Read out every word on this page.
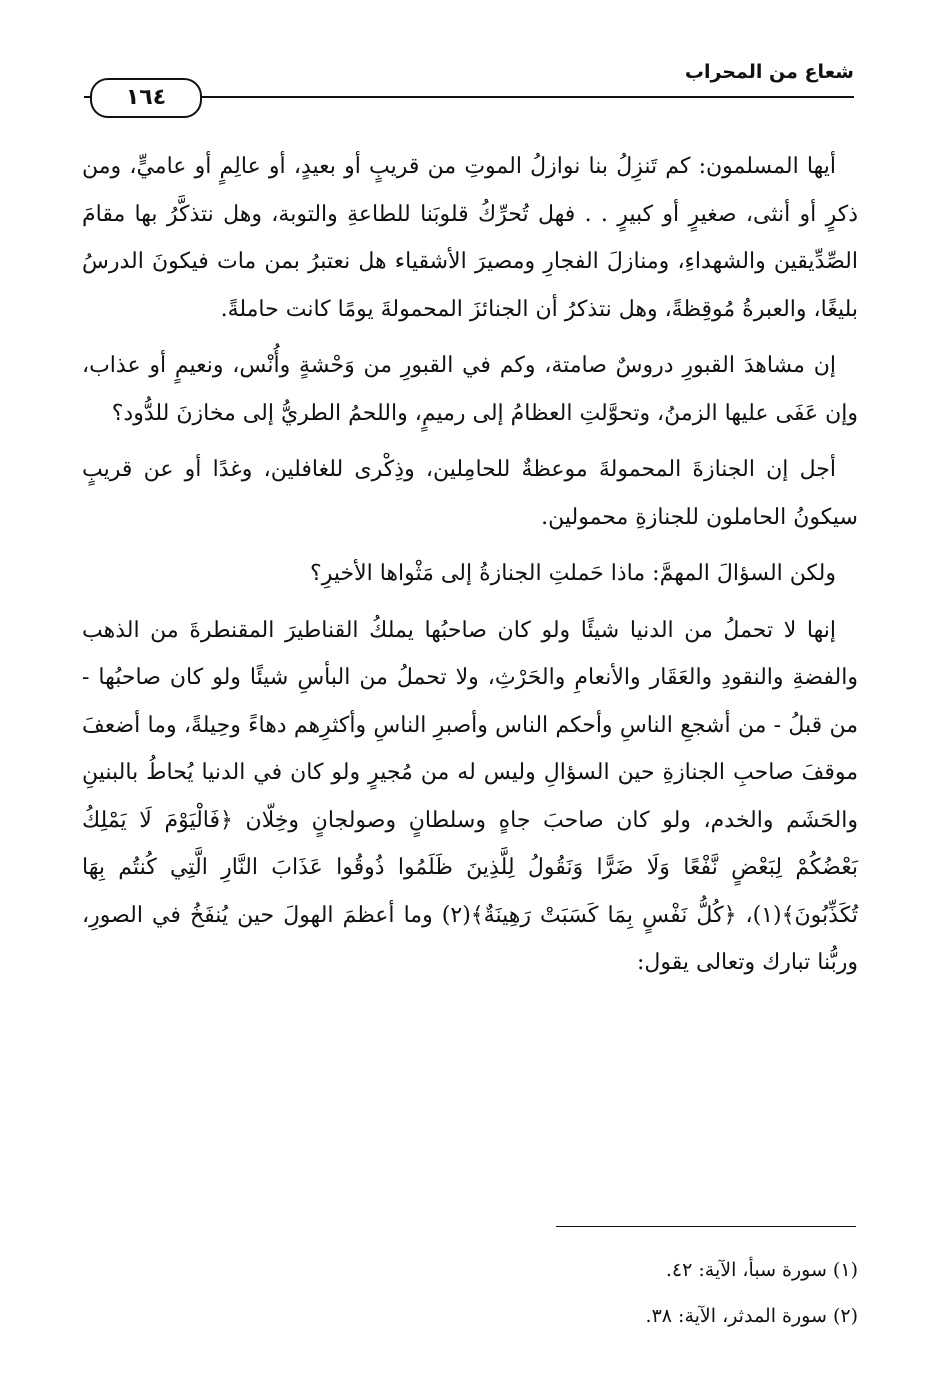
شعاع من المحراب
١٦٤

أيها المسلمون: كم تَنزِلُ بنا نوازلُ الموتِ من قريبٍ أو بعيدٍ، أو عالِمٍ أو عاميٍّ، ومن ذكرٍ أو أنثى، صغيرٍ أو كبيرٍ . . فهل تُحرِّكُ قلوبَنا للطاعةِ والتوبة، وهل نتذكَّرُ بها مقامَ الصِّدِّيقين والشهداءِ، ومنازلَ الفجارِ ومصيرَ الأشقياء هل نعتبرُ بمن مات فيكونَ الدرسُ بليغًا، والعبرةُ مُوقِظةً، وهل نتذكرُ أن الجنائزَ المحمولةَ يومًا كانت حاملةً.

إن مشاهدَ القبورِ دروسٌ صامتة، وكم في القبورِ من وَحْشةٍ وأُنْس، ونعيمٍ أو عذاب، وإن عَفَى عليها الزمنُ، وتحوَّلتِ العظامُ إلى رميمٍ، واللحمُ الطريُّ إلى مخازنَ للدُّود؟

أجل إن الجنازةَ المحمولةَ موعظةٌ للحامِلين، وذِكْرى للغافلين، وغدًا أو عن قريبٍ سيكونُ الحاملون للجنازةِ محمولين.

ولكن السؤالَ المهمَّ: ماذا حَملتِ الجنازةُ إلى مَثْواها الأخيرِ؟

إنها لا تحملُ من الدنيا شيئًا ولو كان صاحبُها يملكُ القناطيرَ المقنطرةَ من الذهب والفضةِ والنقودِ والعَقَار والأنعامِ والحَرْثِ، ولا تحملُ من البأسِ شيئًا ولو كان صاحبُها - من قبلُ - من أشجعِ الناسِ وأحكم الناس وأصبرِ الناسِ وأكثرِهم دهاءً وحِيلةً، وما أضعفَ موقفَ صاحبِ الجنازةِ حين السؤالِ وليس له من مُجيرٍ ولو كان في الدنيا يُحاطُ بالبنينِ والحَشَم والخدم، ولو كان صاحبَ جاهٍ وسلطانٍ وصولجانٍ وخِلّان ﴿فَالْيَوْمَ لَا يَمْلِكُ بَعْضُكُمْ لِبَعْضٍ نَّفْعًا وَلَا ضَرًّا وَنَقُولُ لِلَّذِينَ ظَلَمُوا ذُوقُوا عَذَابَ النَّارِ الَّتِي كُنتُم بِهَا تُكَذِّبُونَ﴾(١)، ﴿كُلُّ نَفْسٍ بِمَا كَسَبَتْ رَهِينَةٌ﴾(٢) وما أعظمَ الهولَ حين يُنفَخُ في الصورِ، وربُّنا تبارك وتعالى يقول:

(١) سورة سبأ، الآية: ٤٢.

(٢) سورة المدثر، الآية: ٣٨.
